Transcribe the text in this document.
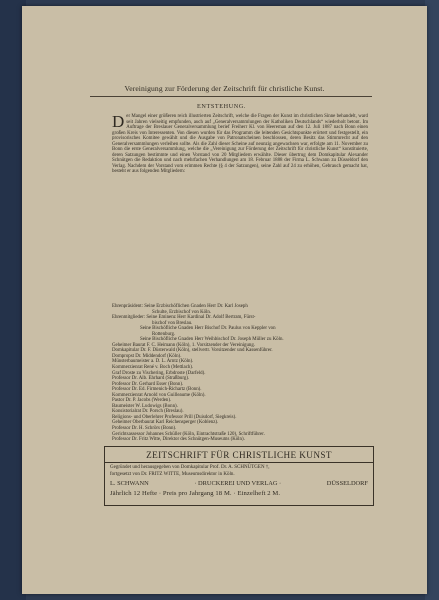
Vereinigung zur Förderung der Zeitschrift für christliche Kunst.
ENTSTEHUNG.

D er Mangel einer größeren reich illustrierten Zeitschrift, welche die Fragen der Kunst im christlichen Sinne behandelt, ward seit Jahren vielseitig empfunden, auch auf „Generalversammlungen der Katholiken Deutschlands“ wiederholt betont. Im Auftrage der Breslauer Generalversammlung berief Freiherr Kl. von Heereman auf den 12. Juli 1887 nach Bonn einen großen Kreis von Interessenten. Von diesen wurden für das Programm die leitenden Gesichtspunkte erörtert und festgestellt, ein provisorisches Komitee gewählt und die Ausgabe von Patronatscheinen beschlossen, deren Besitz das Stimmrecht auf den Generalversammlungen verleihen sollte. Als die Zahl dieser Scheine auf neunzig angewachsen war, erfolgte am 11. November zu Bonn die erste Generalversammlung, welche die „Vereinigung zur Förderung der Zeitschrift für christliche Kunst“ konstituierte, deren Satzungen bestimmte und einen Vorstand von 20 Mitgliedern erwählte. Dieser übertrug dem Domkapitular Alexander Schnütgen die Redaktion und nach mehrfachen Verhandlungen am 18. Februar 1888 der Firma L. Schwann zu Düsseldorf den Verlag. Nachdem der Vorstand vom erimmen Rechte (§ 4 der Satzungen), seine Zahl auf 24 zu erhöhen, Gebrauch gemacht hat, besteht er aus folgenden Mitgliedern:

Ehrenpräsident: Seine Erzbischöflichen Gnaden Herr Dr. Karl Joseph

Schulte, Erzbischof von Köln.

Ehrenmitglieder: Seine Eminenz Herr Kardinal Dr. Adolf Bertram, Fürst-

bischof von Breslau.

Seine Bischöfliche Gnaden Herr Bischof Dr. Paulus von Keppler von

Rottenburg.

Seine Bischöfliche Gnaden Herr Weihbischof Dr. Joseph Müller zu Köln.

Geheimer Baurat F. C. Heimann (Köln), 1. Vorsitzender der Vereinigung.

Domkapitular Dr. F. Düsterwald (Köln), stellvertr. Vorsitzender und Kassenführer.

Dompropst Dr. Middendorf (Köln).

Münsterbaumeister a. D. L. Arntz (Köln).

Kommerzienrat René v. Boch (Mettlach).

Graf Droste zu Vischering, Erbdroste (Darfeld).

Professor Dr. Alb. Ehrhard (Straßburg).

Professor Dr. Gerhard Esser (Bonn).

Professor Dr. Ed. Firmenich-Richartz (Bonn).

Kommerzienrat Arnold von Guilleaume (Köln).

Pastor Dr. P. Jacobs (Werden).

Baumeister W. Ludowigs (Bonn).

Konsistorialrat Dr. Porsch (Breslau).

Religions- und Oberlehrer Professor Prill (Duisdorf, Siegkreis).

Geheimer Oberbaurat Karl Reichensperger (Koblenz).

Professor Dr. H. Schrörs (Bonn).

Gerichtsassessor Johannes Schüller (Köln, Eintrachtstraße 120), Schriftführer.

Professor Dr. Fritz Witte, Direktor des Schnütgen-Museums (Köln).

ZEITSCHRIFT FÜR CHRISTLICHE KUNST
Gegründet und herausgegeben von Domkapitular Prof. Dr. A. SCHNÜTGEN †,
fortgesetzt von Dr. FRITZ WITTE, Museumsdirektor in Köln.
L. SCHWANN	· DRUCKEREI UND VERLAG ·	DÜSSELDORF
Jährlich 12 Hefte · Preis pro Jahrgang 18 M. · Einzelheft 2 M.
